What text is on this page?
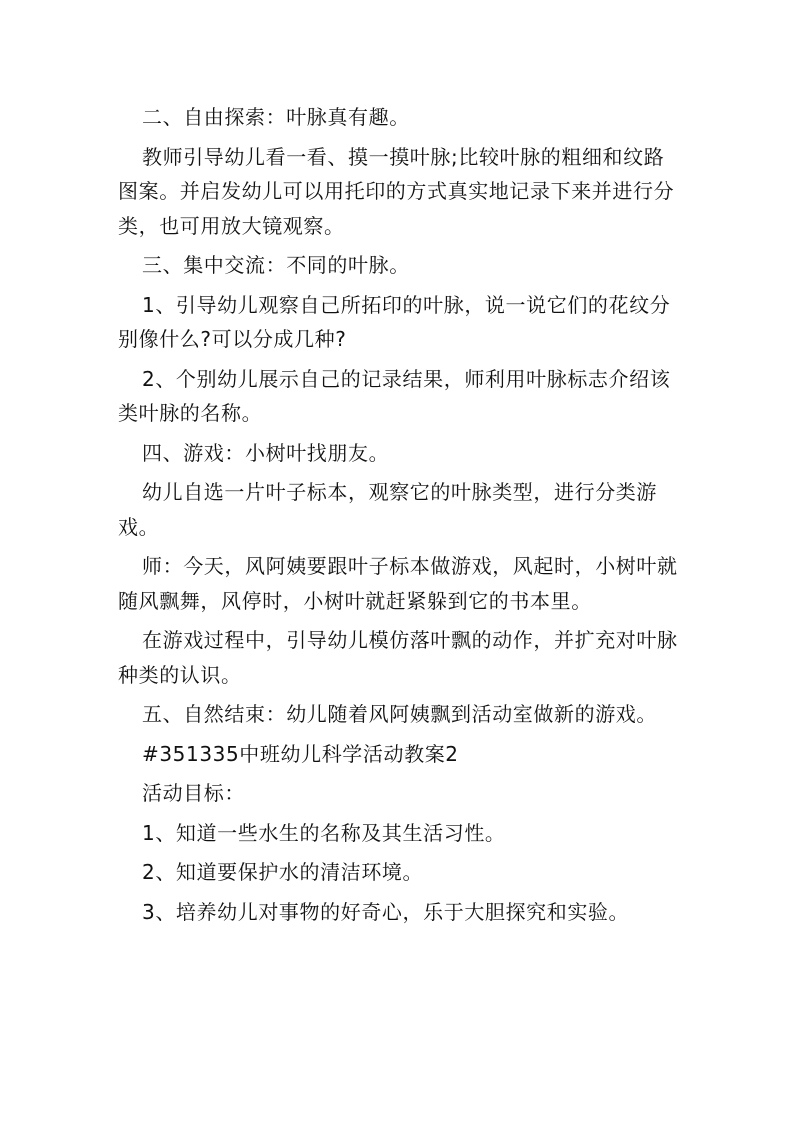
二、自由探索：叶脉真有趣。

教师引导幼儿看一看、摸一摸叶脉;比较叶脉的粗细和纹路图案。并启发幼儿可以用托印的方式真实地记录下来并进行分类，也可用放大镜观察。

三、集中交流：不同的叶脉。

1、引导幼儿观察自己所拓印的叶脉，说一说它们的花纹分别像什么?可以分成几种?

2、个别幼儿展示自己的记录结果，师利用叶脉标志介绍该类叶脉的名称。

四、游戏：小树叶找朋友。

幼儿自选一片叶子标本，观察它的叶脉类型，进行分类游戏。

师：今天，风阿姨要跟叶子标本做游戏，风起时，小树叶就随风飘舞，风停时，小树叶就赶紧躲到它的书本里。

在游戏过程中，引导幼儿模仿落叶飘的动作，并扩充对叶脉种类的认识。

五、自然结束：幼儿随着风阿姨飘到活动室做新的游戏。

#351335中班幼儿科学活动教案2

活动目标：

1、知道一些水生的名称及其生活习性。

2、知道要保护水的清洁环境。

3、培养幼儿对事物的好奇心，乐于大胆探究和实验。
